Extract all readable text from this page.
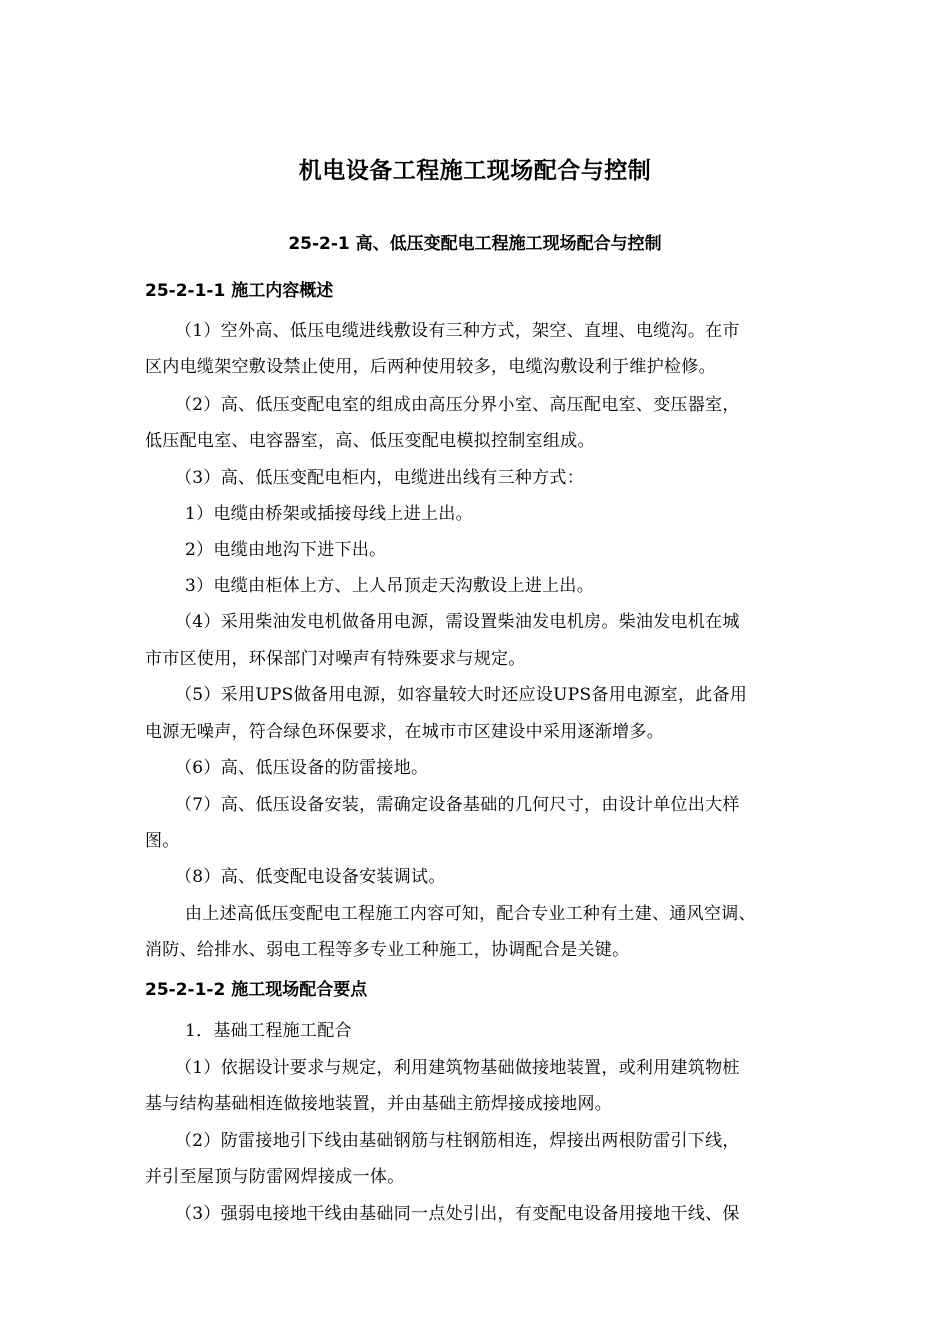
机电设备工程施工现场配合与控制
25-2-1 高、低压变配电工程施工现场配合与控制
25-2-1-1 施工内容概述
（1）空外高、低压电缆进线敷设有三种方式，架空、直埋、电缆沟。在市
区内电缆架空敷设禁止使用，后两种使用较多，电缆沟敷设利于维护检修。
（2）高、低压变配电室的组成由高压分界小室、高压配电室、变压器室，
低压配电室、电容器室，高、低压变配电模拟控制室组成。
（3）高、低压变配电柜内，电缆进出线有三种方式：
1）电缆由桥架或插接母线上进上出。
2）电缆由地沟下进下出。
3）电缆由柜体上方、上人吊顶走天沟敷设上进上出。
（4）采用柴油发电机做备用电源，需设置柴油发电机房。柴油发电机在城
市市区使用，环保部门对噪声有特殊要求与规定。
（5）采用UPS做备用电源，如容量较大时还应设UPS备用电源室，此备用
电源无噪声，符合绿色环保要求，在城市市区建设中采用逐渐增多。
（6）高、低压设备的防雷接地。
（7）高、低压设备安装，需确定设备基础的几何尺寸，由设计单位出大样
图。
（8）高、低变配电设备安装调试。
由上述高低压变配电工程施工内容可知，配合专业工种有土建、通风空调、
消防、给排水、弱电工程等多专业工种施工，协调配合是关键。
25-2-1-2 施工现场配合要点
1．基础工程施工配合
（1）依据设计要求与规定，利用建筑物基础做接地装置，或利用建筑物桩
基与结构基础相连做接地装置，并由基础主筋焊接成接地网。
（2）防雷接地引下线由基础钢筋与柱钢筋相连，焊接出两根防雷引下线，
并引至屋顶与防雷网焊接成一体。
（3）强弱电接地干线由基础同一点处引出，有变配电设备用接地干线、保
